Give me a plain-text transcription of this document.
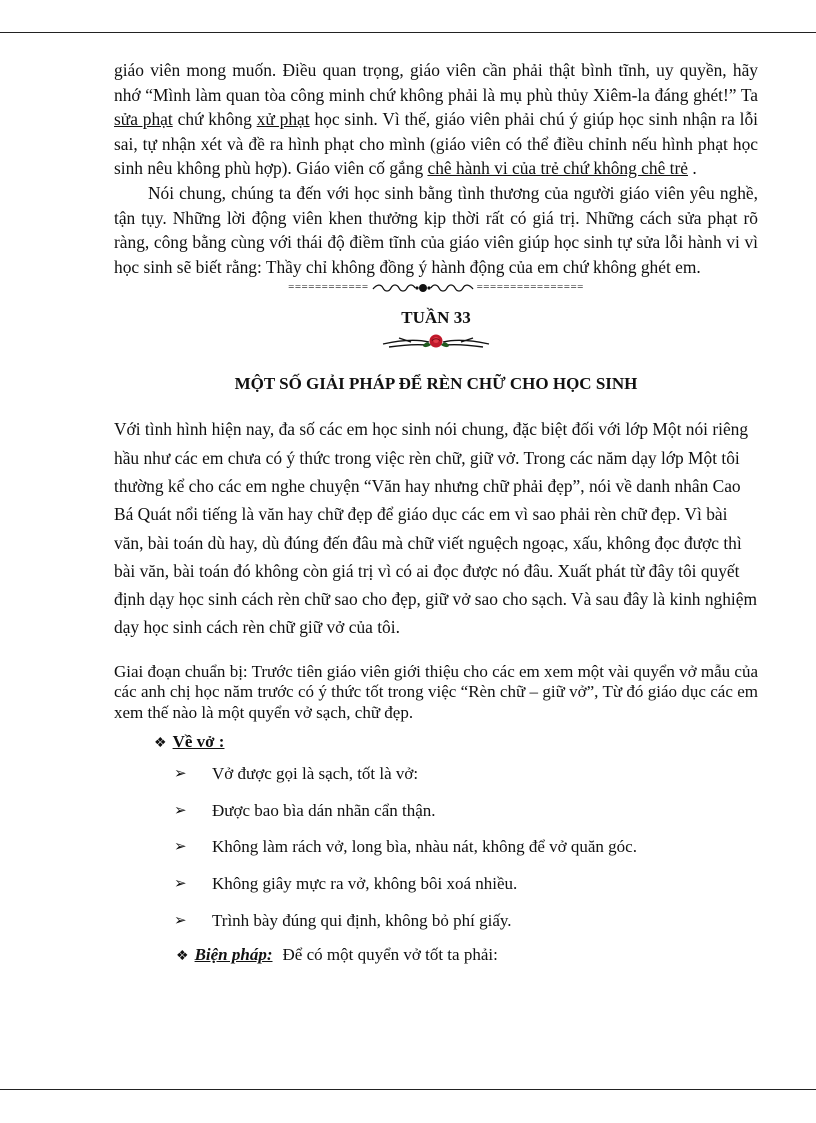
giáo viên mong muốn. Điều quan trọng, giáo viên cần phải thật bình tĩnh, uy quyền, hãy nhớ “Mình làm quan tòa công minh chứ không phải là mụ phù thủy Xiêm-la đáng ghét!” Ta sửa phạt chứ không xử phạt học sinh. Vì thế, giáo viên phải chú ý giúp học sinh nhận ra lỗi sai, tự nhận xét và đề ra hình phạt cho mình (giáo viên có thể điều chỉnh nếu hình phạt học sinh nêu không phù hợp). Giáo viên cố gắng chê hành vi của trẻ chứ không chê trẻ .

Nói chung, chúng ta đến với học sinh bằng tình thương của người giáo viên yêu nghề, tận tụy. Những lời động viên khen thưởng kịp thời rất có giá trị. Những cách sửa phạt rõ ràng, công bằng cùng với thái độ điềm tĩnh của giáo viên giúp học sinh tự sửa lỗi hành vi vì học sinh sẽ biết rằng: Thầy chỉ không đồng ý hành động của em chứ không ghét em.

============	================
TUẦN 33
MỘT SỐ GIẢI PHÁP ĐỂ RÈN CHỮ CHO HỌC SINH

Với tình hình hiện nay, đa số các em học sinh nói chung, đặc biệt đối với lớp Một nói riêng hầu như các em chưa có ý thức trong việc rèn chữ, giữ vở. Trong các năm dạy lớp Một tôi thường kể cho các em nghe chuyện “Văn hay nhưng chữ phải đẹp”, nói về danh nhân Cao Bá Quát nổi tiếng là văn hay chữ đẹp để giáo dục các em vì sao phải rèn chữ đẹp. Vì bài văn, bài toán dù hay, dù đúng đến đâu mà chữ viết nguệch ngoạc, xấu, không đọc được thì bài văn, bài toán đó không còn giá trị vì có ai đọc được nó đâu. Xuất phát từ đây tôi quyết định dạy học sinh cách rèn chữ sao cho đẹp, giữ vở sao cho sạch. Và sau đây là kinh nghiệm dạy học sinh cách rèn chữ giữ vở của tôi.

Giai đoạn chuẩn bị: Trước tiên giáo viên giới thiệu cho các em xem một vài quyển vở mẫu của các anh chị học năm trước có ý thức tốt trong việc “Rèn chữ – giữ vở”, Từ đó giáo dục các em xem thế nào là một quyển vở sạch, chữ đẹp.

❖ Về vở :
➢	Vở được gọi là sạch, tốt là vở:
➢	Được bao bìa dán nhãn cẩn thận.
➢	Không làm rách vở, long bìa, nhàu nát, không để vở quăn góc.
➢	Không giây mực ra vở, không bôi xoá nhiều.
➢	Trình bày đúng qui định, không bỏ phí giấy.
❖ Biện pháp: Để có một quyển vở tốt ta phải:
